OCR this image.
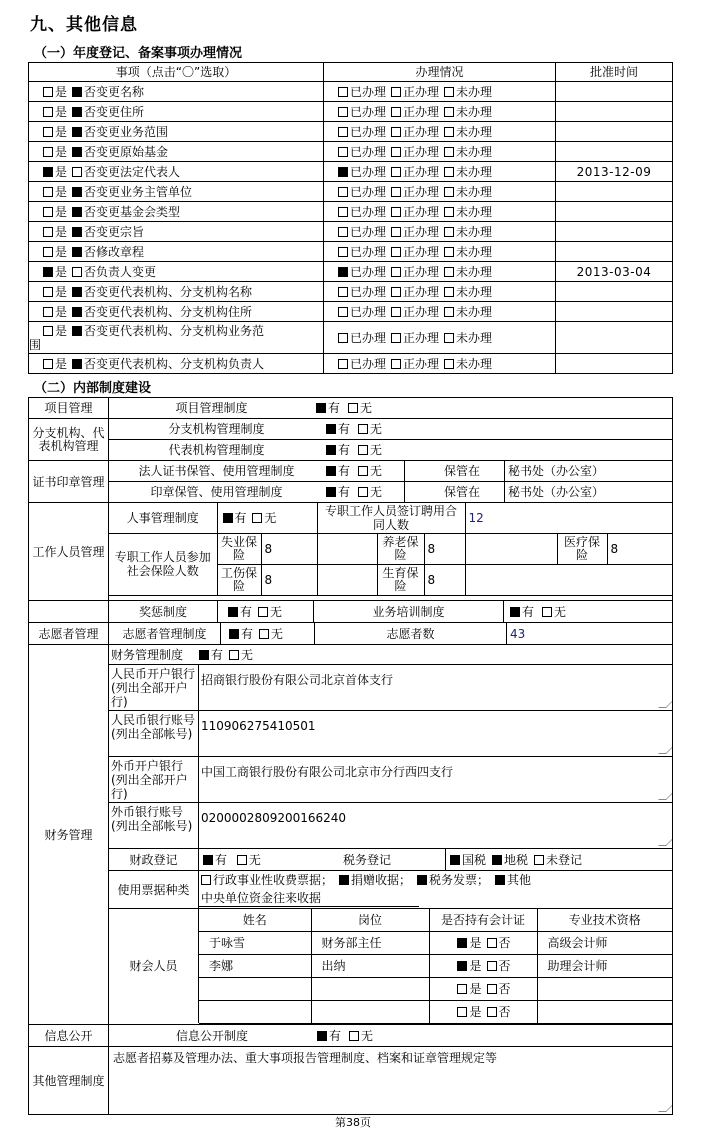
九、其他信息
（一）年度登记、备案事项办理情况
事项（点击“〇”选取）	办理情况	批准时间
是 否变更名称	已办理 正办理 未办理	
是 否变更住所	已办理 正办理 未办理	
是 否变更业务范围	已办理 正办理 未办理	
是 否变更原始基金	已办理 正办理 未办理	
是 否变更法定代表人	已办理 正办理 未办理	2013-12-09
是 否变更业务主管单位	已办理 正办理 未办理	
是 否变更基金会类型	已办理 正办理 未办理	
是 否变更宗旨	已办理 正办理 未办理	
是 否修改章程	已办理 正办理 未办理	
是 否负责人变更	已办理 正办理 未办理	2013-03-04
是 否变更代表机构、分支机构名称	已办理 正办理 未办理	
是 否变更代表机构、分支机构住所	已办理 正办理 未办理	
是 否变更代表机构、分支机构业务范
围	已办理 正办理 未办理	
是 否变更代表机构、分支机构负责人	已办理 正办理 未办理	
（二）内部制度建设
项目管理	项目管理制度	有	无

分支机构、代表机构管理	
分支机构管理制度	有	无

代表机构管理制度	有	无

证书印章管理	
法人证书保管、使用管理制度	有	无	保管在	秘书处（办公室）

印章保管、使用管理制度	有	无	保管在	秘书处（办公室）

工作人员管理	
人事管理制度	有 无	专职工作人员签订聘用合同人数	12
专职工作人员参加社会保险人数	
失业保险	8	养老保险	8		医疗保险	8

工伤保险	8	生育保险	8

奖惩制度	有	无	业务培训制度	有	无

志愿者管理	志愿者管理制度	有	无	志愿者数	43

财务管理	
财务管理制度	有	无
人民币开户银行(列出全部开户行)
招商银行股份有限公司北京首体支行
人民币银行账号(列出全部帐号)
110906275410501
外币开户银行(列出全部开户行)
中国工商银行股份有限公司北京市分行西四支行
外币银行账号(列出全部帐号)
0200002809200166240
财政登记	有 无	税务登记	国税	地税	未登记
使用票据种类
行政事业性收费票据；	捐赠收据；	税务发票；	其他
中央单位资金往来收据
财会人员
姓名	岗位	是否持有会计证	专业技术资格
于咏雪	财务部主任	是 否	高级会计师
李娜	出纳	是 否	助理会计师
		是 否	
		是 否	

信息公开	信息公开制度	有	无

其他管理制度	志愿者招募及管理办法、重大事项报告管理制度、档案和证章管理规定等
第38页
